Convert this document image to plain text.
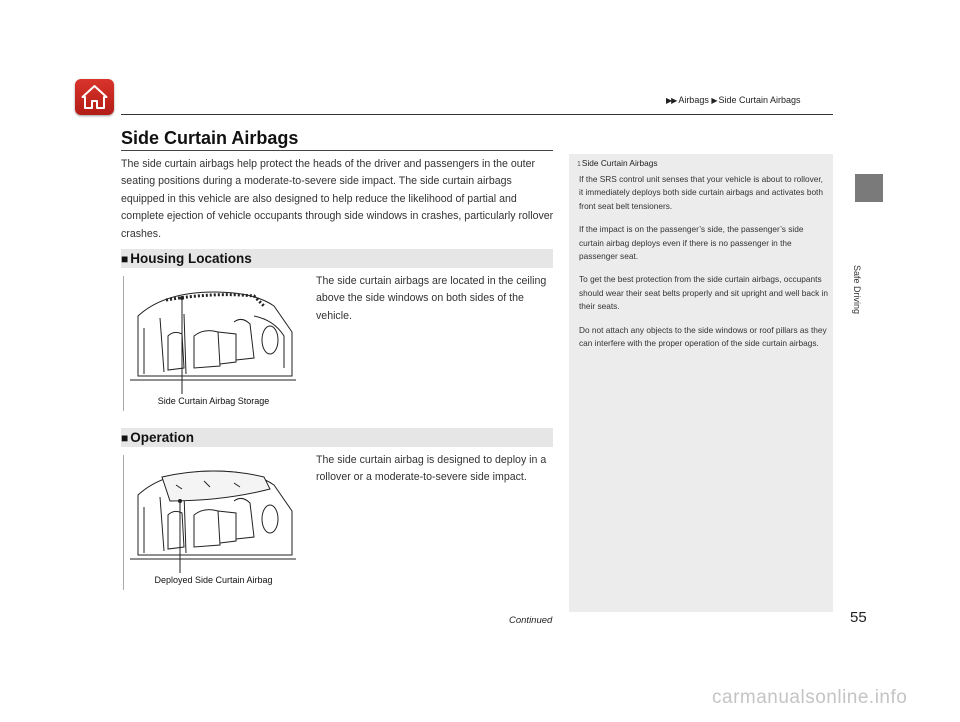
▶▶ Airbags ▶ Side Curtain Airbags
Safe Driving
Side Curtain Airbags
The side curtain airbags help protect the heads of the driver and passengers in the outer seating positions during a moderate-to-severe side impact. The side curtain airbags equipped in this vehicle are also designed to help reduce the likelihood of partial and complete ejection of vehicle occupants through side windows in crashes, particularly rollover crashes.
■ Housing Locations
Side Curtain Airbag Storage
The side curtain airbags are located in the ceiling above the side windows on both sides of the vehicle.
■ Operation
Deployed Side Curtain Airbag
The side curtain airbag is designed to deploy in a rollover or a moderate-to-severe side impact.
1Side Curtain Airbags

If the SRS control unit senses that your vehicle is about to rollover, it immediately deploys both side curtain airbags and activates both front seat belt tensioners.

If the impact is on the passenger’s side, the passenger’s side curtain airbag deploys even if there is no passenger in the passenger seat.

To get the best protection from the side curtain airbags, occupants should wear their seat belts properly and sit upright and well back in their seats.

Do not attach any objects to the side windows or roof pillars as they can interfere with the proper operation of the side curtain airbags.

Continued	55
carmanualsonline.info
